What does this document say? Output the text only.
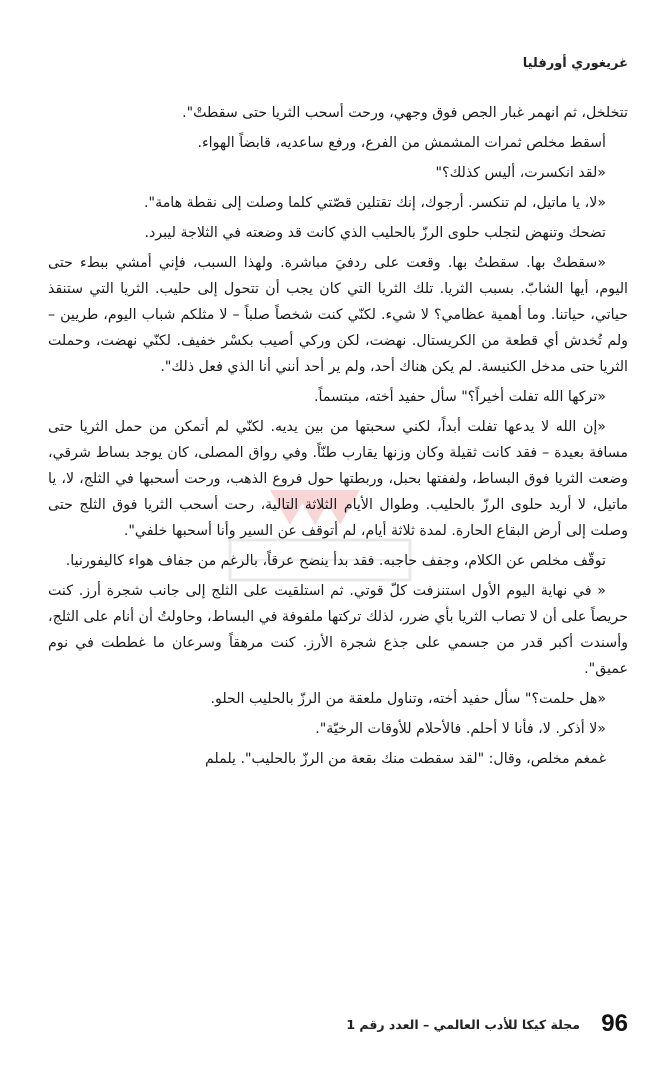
غريغوري أورفليا

تتخلخل، ثم انهمر غبار الجص فوق وجهي، ورحت أسحب الثريا حتى سقطتْ".

أسقط مخلص ثمرات المشمش من الفرع، ورفع ساعديه، قابضاً الهواء.

«لقد انكسرت، أليس كذلك؟"

«لا، يا ماتيل، لم تنكسر. أرجوك، إنك تقتلين قصّتي كلما وصلت إلى نقطة هامة".

تضحك وتنهض لتجلب حلوى الرزّ بالحليب الذي كانت قد وضعته في الثلاجة ليبرد.

«سقطتْ بها. سقطتُ بها. وقعت على ردفيَ مباشرة. ولهذا السبب، فإني أمشي ببطء حتى اليوم، أيها الشابّ. بسبب الثريا. تلك الثريا التي كان يجب أن تتحول إلى حليب. الثريا التي ستنقذ حياتي، حياتنا. وما أهمية عظامي؟ لا شيء. لكنّي كنت شخصاً صلباً – لا مثلكم شباب اليوم، طريين – ولم تُخدش أي قطعة من الكريستال. نهضت، لكن وركي أصيب بكسْر خفيف. لكنّي نهضت، وحملت الثريا حتى مدخل الكنيسة. لم يكن هناك أحد، ولم ير أحد أنني أنا الذي فعل ذلك".

«تركها الله تفلت أخيراً؟" سأل حفيد أخته، مبتسماً.

«إن الله لا يدعها تفلت أبداً، لكني سحبتها من بين يديه. لكنّي لم أتمكن من حمل الثريا حتى مسافة بعيدة – فقد كانت ثقيلة وكان وزنها يقارب طنّاً. وفي رواق المصلى، كان يوجد بساط شرقي، وضعت الثريا فوق البساط، ولففتها بحبل، وربطتها حول فروع الذهب، ورحت أسحبها في الثلج، لا، يا ماتيل، لا أريد حلوى الرزّ بالحليب. وطوال الأيام الثلاثة التالية، رحت أسحب الثريا فوق الثلج حتى وصلت إلى أرض البقاع الحارة. لمدة ثلاثة أيام، لم أتوقف عن السير وأنا أسحبها خلفي".

توقّف مخلص عن الكلام، وجفف حاجبه. فقد بدأ ينضح عرقاً، بالرغم من جفاف هواء كاليفورنيا.

« في نهاية اليوم الأول استنزفت كلّ قوتي. ثم استلقيت على الثلج إلى جانب شجرة أرز. كنت حريصاً على أن لا تصاب الثريا بأي ضرر، لذلك تركتها ملفوفة في البساط، وحاولتُ أن أنام على الثلج، وأسندت أكبر قدر من جسمي على جذع شجرة الأرز. كنت مرهقاً وسرعان ما غططت في نوم عميق".

«هل حلمت؟" سأل حفيد أخته، وتناول ملعقة من الرزّ بالحليب الحلو.

«لا أذكر. لا، فأنا لا أحلم. فالأحلام للأوقات الرخيّة".

غمغم مخلص، وقال: "لقد سقطت منك بقعة من الرزّ بالحليب". يلملم

96
مجلة كيكا للأدب العالمي – العدد رقم 1
